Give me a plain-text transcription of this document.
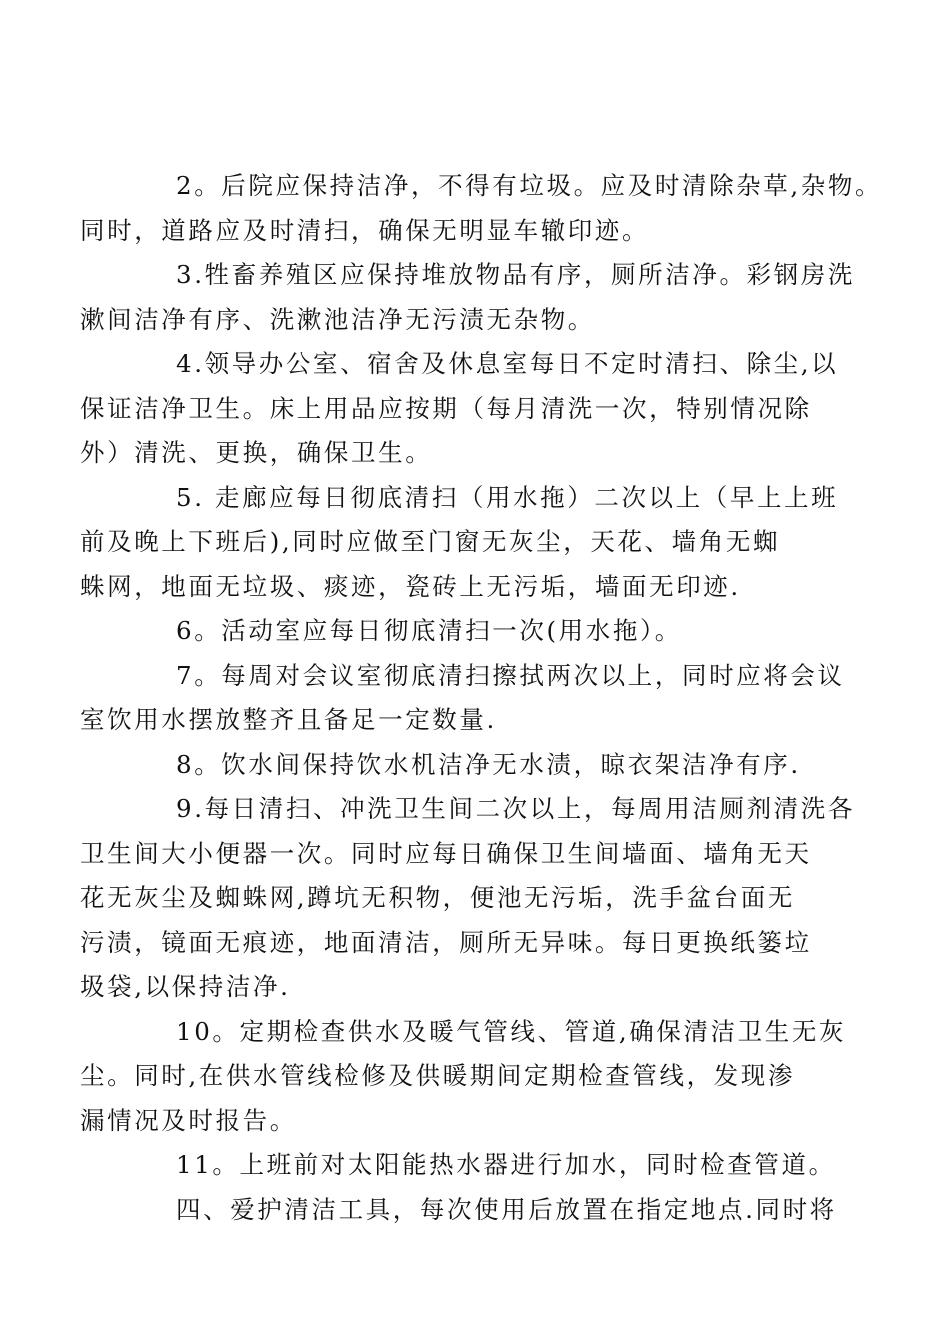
2。后院应保持洁净，不得有垃圾。应及时清除杂草,杂物。
同时，道路应及时清扫，确保无明显车辙印迹。

3.牲畜养殖区应保持堆放物品有序，厕所洁净。彩钢房洗
漱间洁净有序、洗漱池洁净无污渍无杂物。

4.领导办公室、宿舍及休息室每日不定时清扫、除尘,以
保证洁净卫生。床上用品应按期（每月清洗一次，特别情况除
外）清洗、更换，确保卫生。

5. 走廊应每日彻底清扫（用水拖）二次以上（早上上班
前及晚上下班后),同时应做至门窗无灰尘，天花、墙角无蜘
蛛网，地面无垃圾、痰迹，瓷砖上无污垢，墙面无印迹.

6。活动室应每日彻底清扫一次(用水拖）。

7。每周对会议室彻底清扫擦拭两次以上，同时应将会议
室饮用水摆放整齐且备足一定数量.

8。饮水间保持饮水机洁净无水渍，晾衣架洁净有序.

9.每日清扫、冲洗卫生间二次以上，每周用洁厕剂清洗各
卫生间大小便器一次。同时应每日确保卫生间墙面、墙角无天
花无灰尘及蜘蛛网,蹲坑无积物，便池无污垢，洗手盆台面无
污渍，镜面无痕迹，地面清洁，厕所无异味。每日更换纸篓垃
圾袋,以保持洁净.

10。定期检查供水及暖气管线、管道,确保清洁卫生无灰
尘。同时,在供水管线检修及供暖期间定期检查管线，发现渗
漏情况及时报告。

11。上班前对太阳能热水器进行加水，同时检查管道。

四、爱护清洁工具，每次使用后放置在指定地点.同时将
